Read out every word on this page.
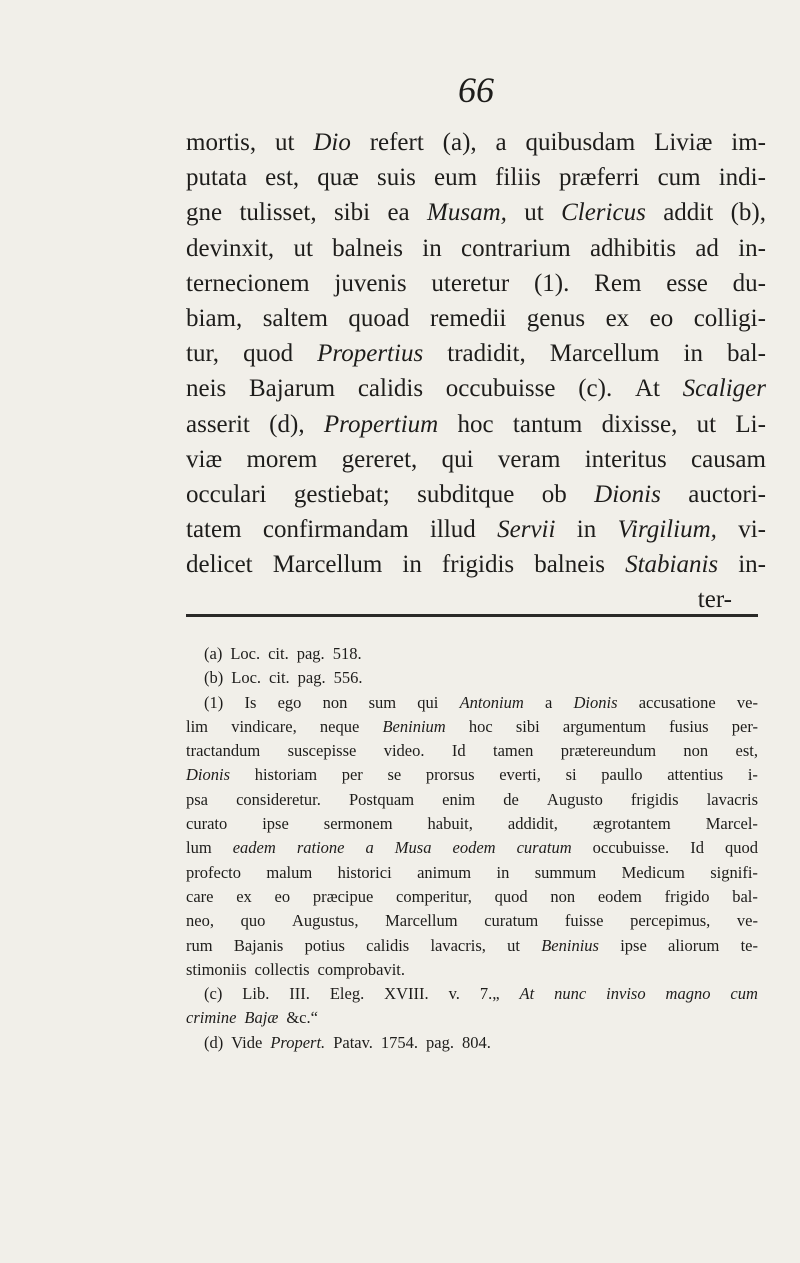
66
mortis, ut Dio refert (a), a quibusdam Liviæ im-
putata est, quæ suis eum filiis præferri cum indi-
gne tulisset, sibi ea Musam, ut Clericus addit (b),
devinxit, ut balneis in contrarium adhibitis ad in-
ternecionem juvenis uteretur (1). Rem esse du-
biam, saltem quoad remedii genus ex eo colligi-
tur, quod Propertius tradidit, Marcellum in bal-
neis Bajarum calidis occubuisse (c). At Scaliger
asserit (d), Propertium hoc tantum dixisse, ut Li-
viæ morem gereret, qui veram interitus causam
occulari gestiebat; subditque ob Dionis auctori-
tatem confirmandam illud Servii in Virgilium, vi-
delicet Marcellum in frigidis balneis Stabianis in-
ter-
(a) Loc. cit. pag. 518.
(b) Loc. cit. pag. 556.
(1) Is ego non sum qui Antonium a Dionis accusatione ve-
lim vindicare, neque Beninium hoc sibi argumentum fusius per-
tractandum suscepisse video. Id tamen prætereundum non est,
Dionis historiam per se prorsus everti, si paullo attentius i-
psa consideretur. Postquam enim de Augusto frigidis lavacris
curato ipse sermonem habuit, addidit, ægrotantem Marcel-
lum eadem ratione a Musa eodem curatum occubuisse. Id quod
profecto malum historici animum in summum Medicum signifi-
care ex eo præcipue comperitur, quod non eodem frigido bal-
neo, quo Augustus, Marcellum curatum fuisse percepimus, ve-
rum Bajanis potius calidis lavacris, ut Beninius ipse aliorum te-
stimoniis collectis comprobavit.
(c) Lib. III. Eleg. XVIII. v. 7.„ At nunc inviso magno cum
crimine Bajæ &c.“
(d) Vide Propert. Patav. 1754. pag. 804.
